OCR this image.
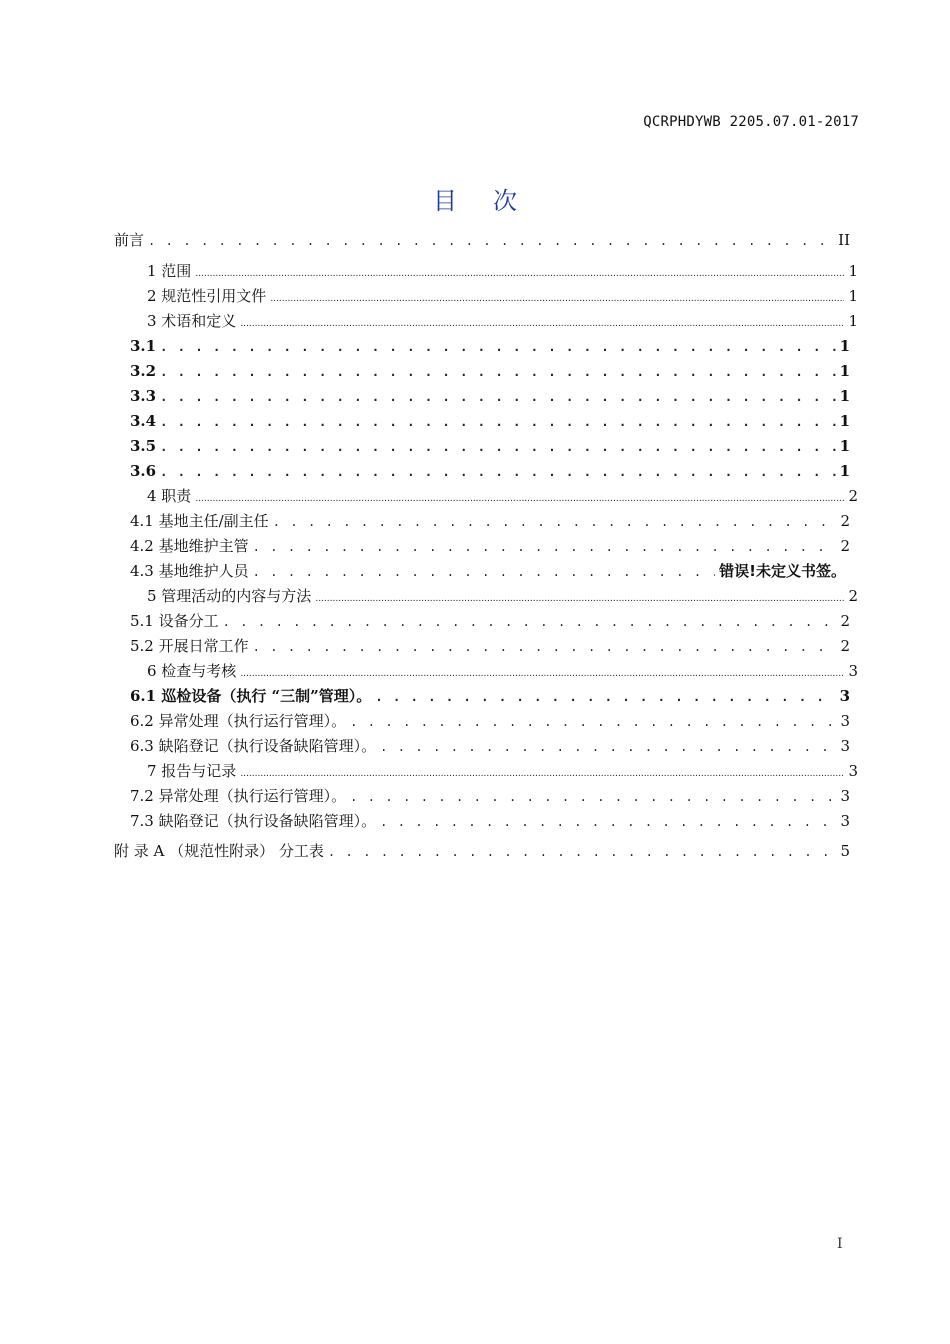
QCRPHDYWB 2205.07.01-2017
目 次
前言 . . .	II
1 范围 .....	1
2 规范性引用文件 .....	1
3 术语和定义 .....	1
3.1 . . .	1
3.2 . . .	1
3.3 . . .	1
3.4 . . .	1
3.5 . . .	1
3.6 . . .	1
4 职责 .....	2
4.1 基地主任/副主任 . . .	2
4.2 基地维护主管 . . .	2
4.3 基地维护人员 . . .	错误!未定义书签。
5 管理活动的内容与方法 .....	2
5.1 设备分工 . . .	2
5.2 开展日常工作 . . .	2
6 检查与考核 .....	3
6.1 巡检设备（执行 “三制”管理）。 . . .	3
6.2 异常处理（执行运行管理）。 . . .	3
6.3 缺陷登记（执行设备缺陷管理）。 . . .	3
7 报告与记录 .....	3
7.2 异常处理（执行运行管理）。 . . .	3
7.3 缺陷登记（执行设备缺陷管理）。 . . .	3
附 录 A （规范性附录） 分工表 . . .	5
I
